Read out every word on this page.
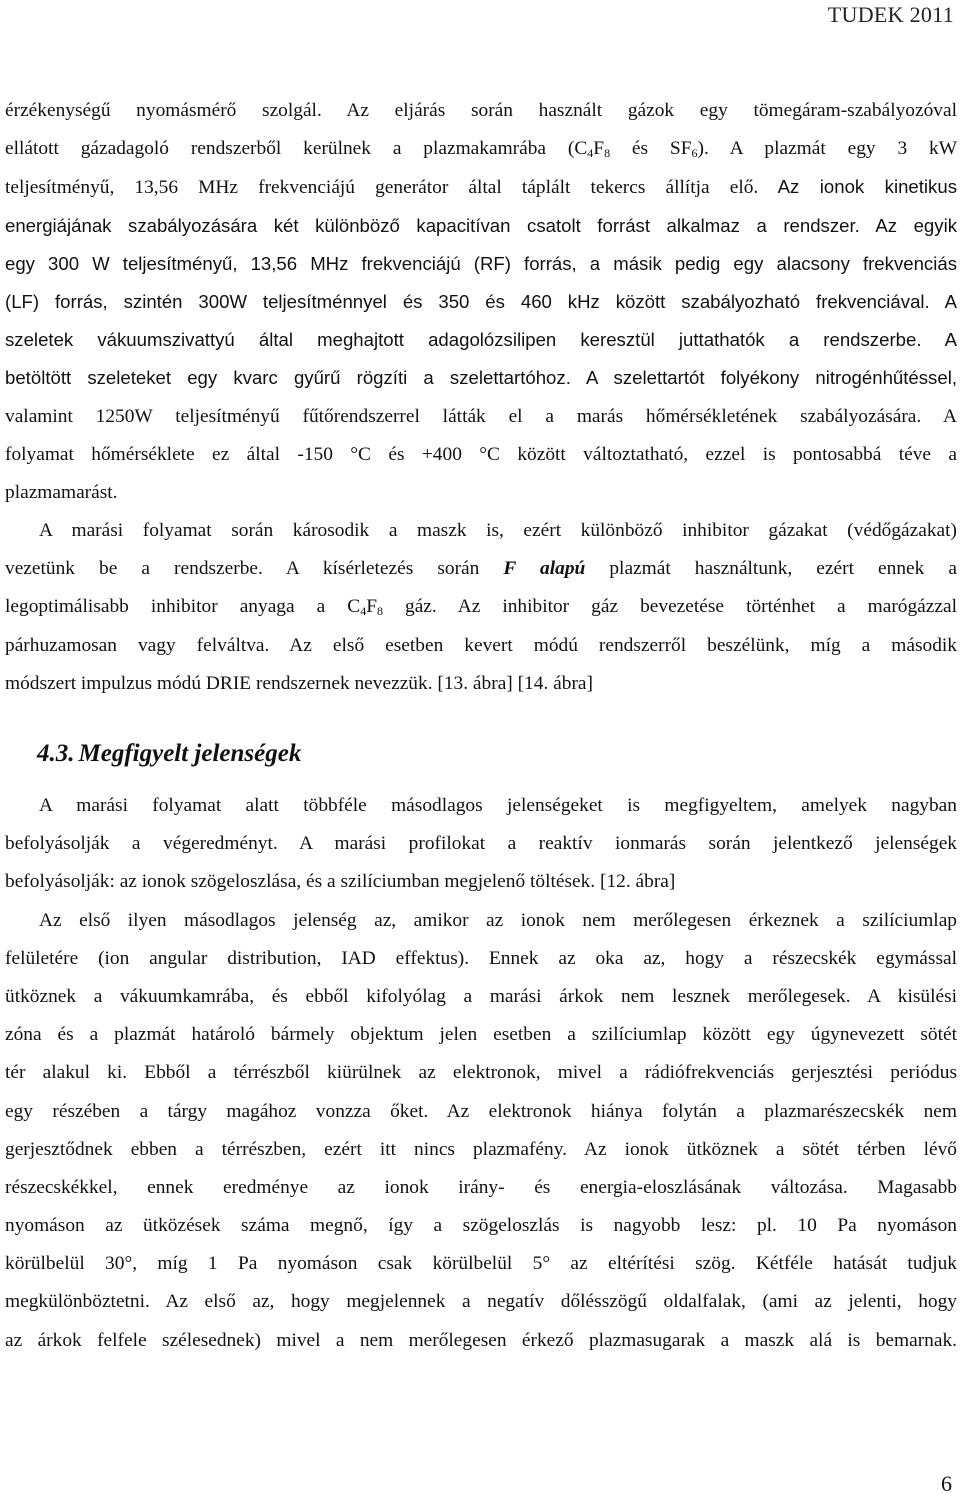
TUDEK 2011
érzékenységű nyomásmérő szolgál. Az eljárás során használt gázok egy tömegáram-szabályozóval
ellátott gázadagoló rendszerből kerülnek a plazmakamrába ($C_4F_8$ és $SF_6$). A plazmát egy 3 kW
teljesítményű, 13,56 MHz frekvenciájú generátor által táplált tekercs állítja elő. Az ionok kinetikus
energiájának szabályozására két különböző kapacitívan csatolt forrást alkalmaz a rendszer. Az egyik
egy 300 W teljesítményű, 13,56 MHz frekvenciájú (RF) forrás, a másik pedig egy alacsony frekvenciás
(LF) forrás, szintén 300W teljesítménnyel és 350 és 460 kHz között szabályozható frekvenciával. A
szeletek vákuumszivattyú által meghajtott adagolózsilipen keresztül juttathatók a rendszerbe. A
betöltött szeleteket egy kvarc gyűrű rögzíti a szelettartóhoz. A szelettartót folyékony nitrogénhűtéssel,
valamint 1250W teljesítményű fűtőrendszerrel látták el a marás hőmérsékletének szabályozására. A
folyamat hőmérséklete ez által -150 °C és +400 °C között változtatható, ezzel is pontosabbá téve a
plazmamarást.
A marási folyamat során károsodik a maszk is, ezért különböző inhibitor gázakat (védőgázakat)
vezetünk be a rendszerbe. A kísérletezés során F alapú plazmát használtunk, ezért ennek a
legoptimálisabb inhibitor anyaga a $C_4F_8$ gáz. Az inhibitor gáz bevezetése történhet a marógázzal
párhuzamosan vagy felváltva. Az első esetben kevert módú rendszerről beszélünk, míg a második
módszert impulzus módú DRIE rendszernek nevezzük. [13. ábra] [14. ábra]
4.3. Megfigyelt jelenségek
A marási folyamat alatt többféle másodlagos jelenségeket is megfigyeltem, amelyek nagyban
befolyásolják a végeredményt. A marási profilokat a reaktív ionmarás során jelentkező jelenségek
befolyásolják: az ionok szögeloszlása, és a szilíciumban megjelenő töltések. [12. ábra]
Az első ilyen másodlagos jelenség az, amikor az ionok nem merőlegesen érkeznek a szilíciumlap
felületére (ion angular distribution, IAD effektus). Ennek az oka az, hogy a részecskék egymással
ütköznek a vákuumkamrába, és ebből kifolyólag a marási árkok nem lesznek merőlegesek. A kisülési
zóna és a plazmát határoló bármely objektum jelen esetben a szilíciumlap között egy úgynevezett sötét
tér alakul ki. Ebből a térrészből kiürülnek az elektronok, mivel a rádiófrekvenciás gerjesztési periódus
egy részében a tárgy magához vonzza őket. Az elektronok hiánya folytán a plazmarészecskék nem
gerjesztődnek ebben a térrészben, ezért itt nincs plazmafény. Az ionok ütköznek a sötét térben lévő
részecskékkel, ennek eredménye az ionok irány- és energia-eloszlásának változása. Magasabb
nyomáson az ütközések száma megnő, így a szögeloszlás is nagyobb lesz: pl. 10 Pa nyomáson
körülbelül 30°, míg 1 Pa nyomáson csak körülbelül 5° az eltérítési szög. Kétféle hatását tudjuk
megkülönböztetni. Az első az, hogy megjelennek a negatív dőlésszögű oldalfalak, (ami az jelenti, hogy
az árkok felfele szélesednek) mivel a nem merőlegesen érkező plazmasugarak a maszk alá is bemarnak.
6
